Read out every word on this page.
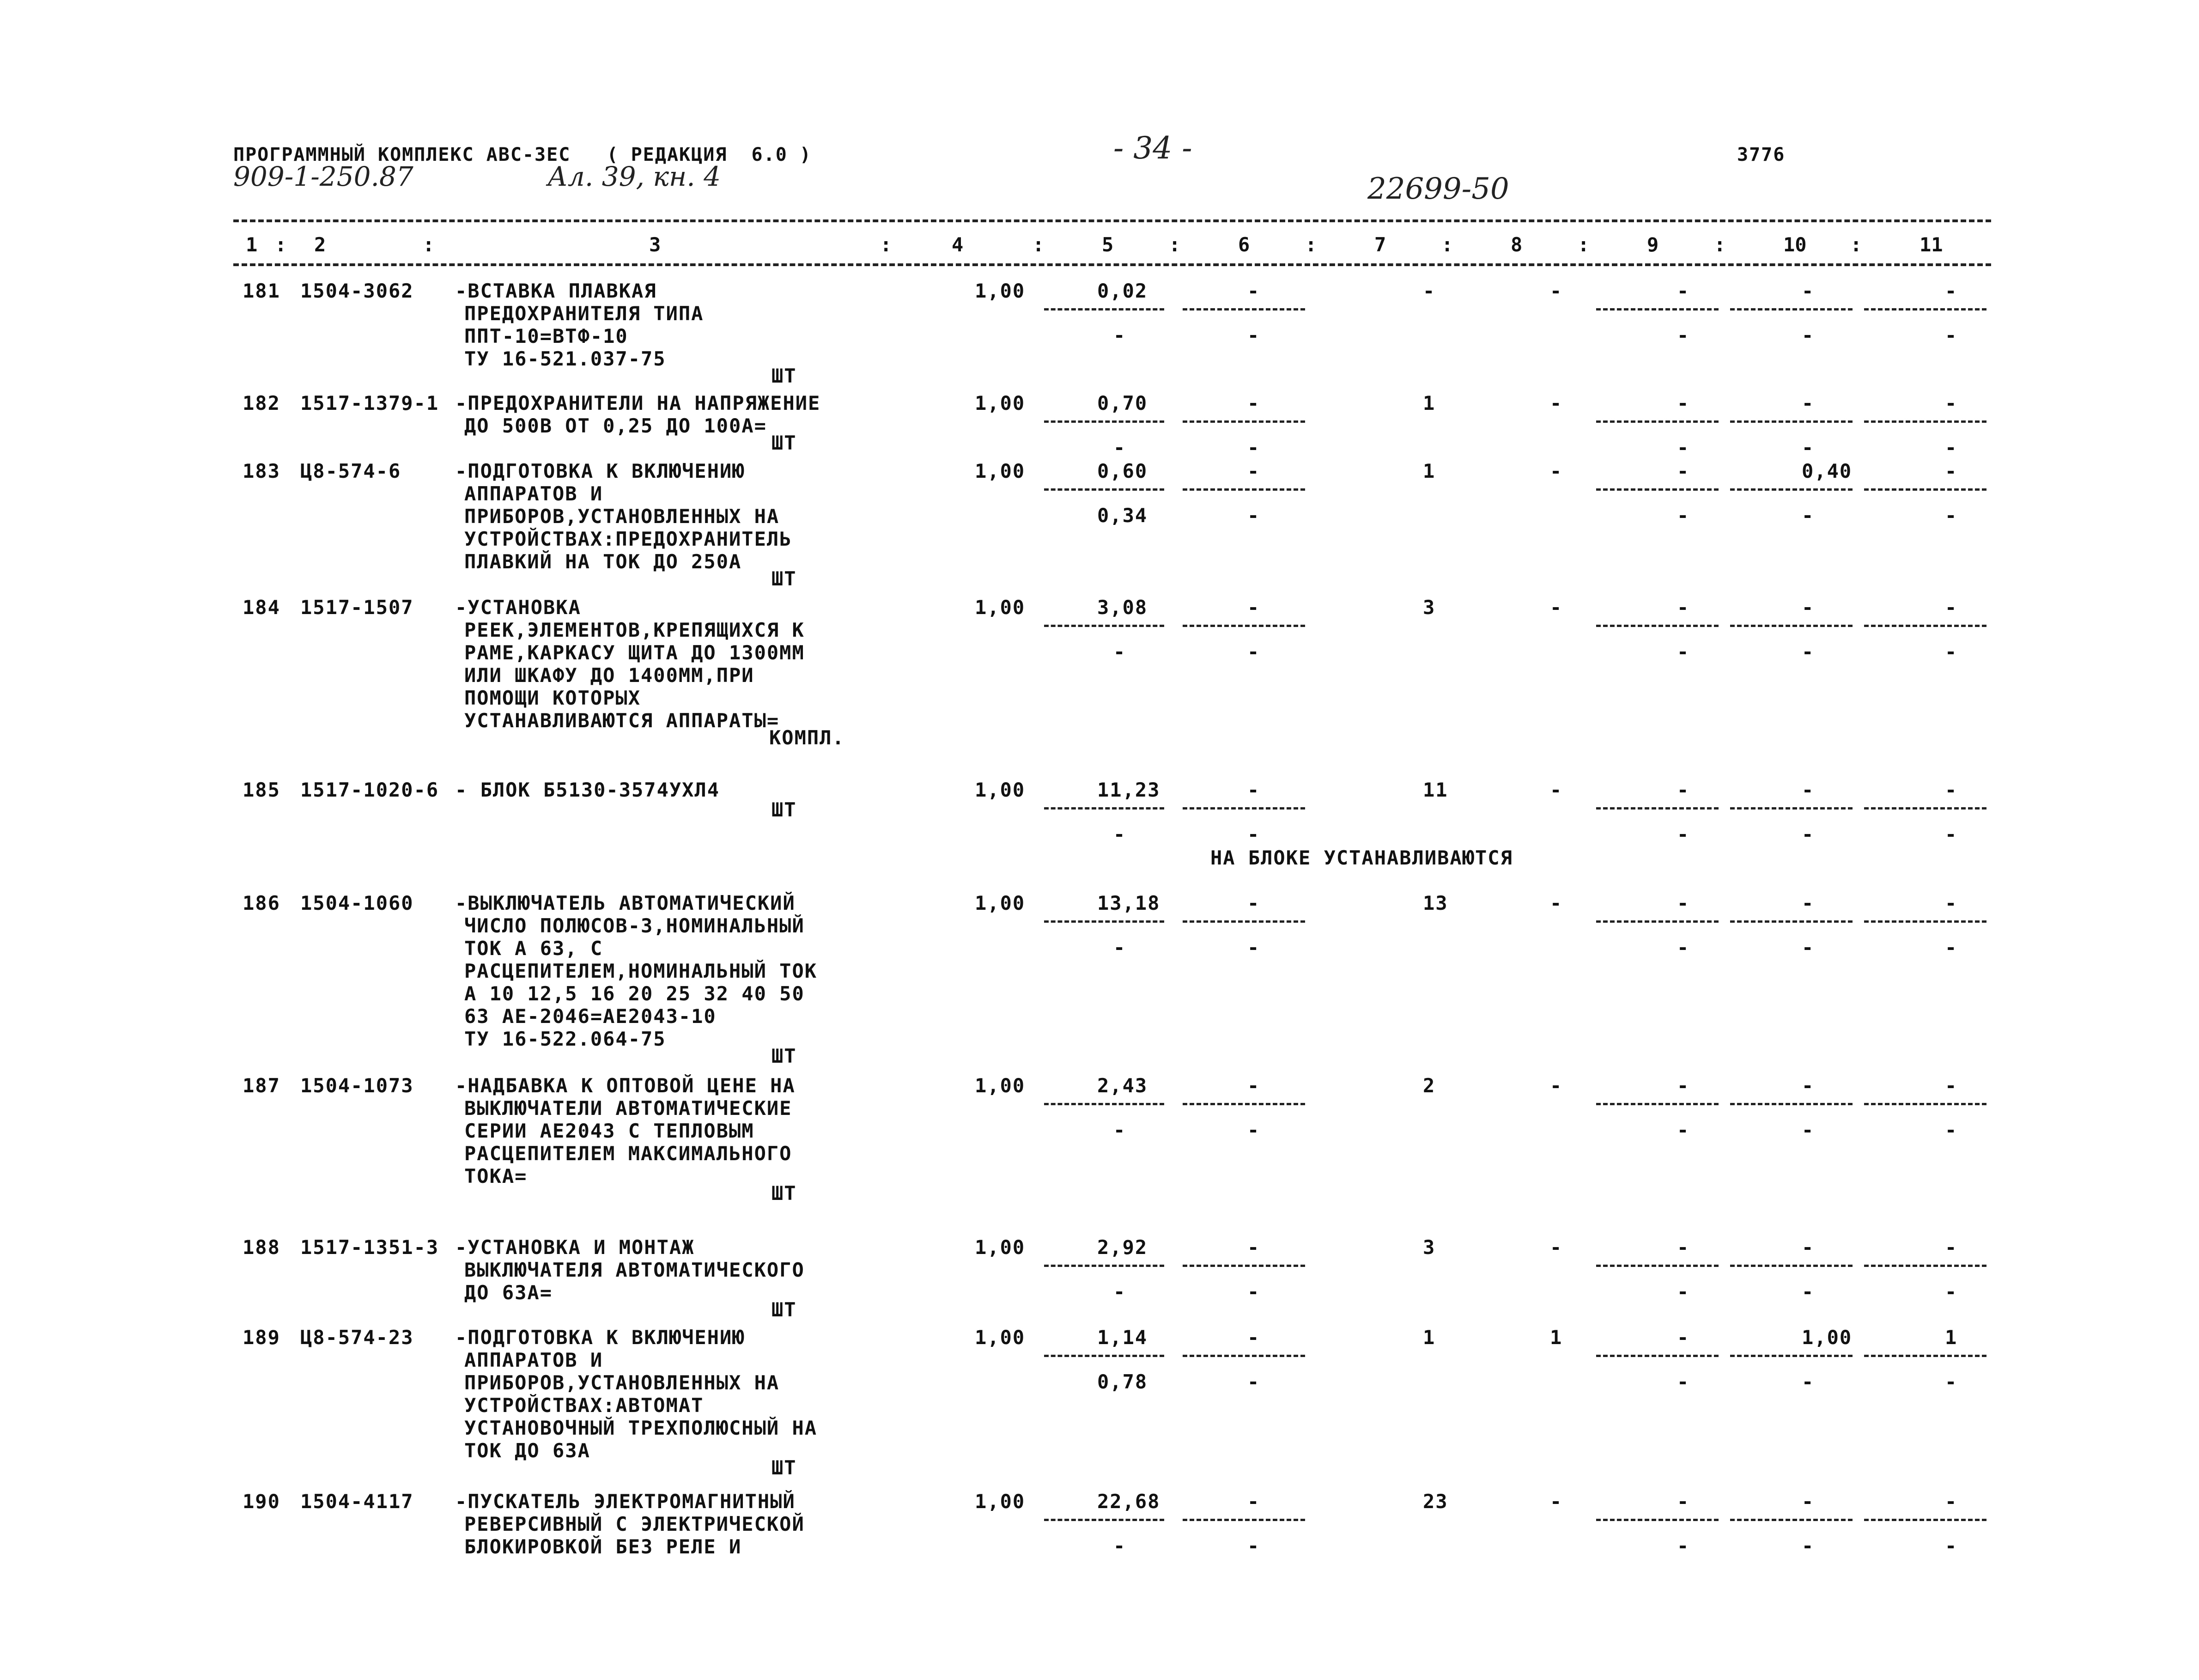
ПРОГРАММНЫЙ КОМПЛЕКС АВС-3ЕС   ( РЕДАКЦИЯ  6.0 )
909-1-250.87	Ал. 39, кн. 4
- 34 -
22699-50
3776
1	2	3	4	5	6	7	8	9	10	11
:	:	:	:	:	:	:	:	:	:
181 1504-3062 -ВСТАВКА ПЛАВКАЯ
ПРЕДОХРАНИТЕЛЯ ТИПА
ППТ-10=ВТФ-10
ТУ 16-521.037-75
ШТ
1,00	0,02	-	-	-	-	-	-
-	-	-	-	-
182 1517-1379-1 -ПРЕДОХРАНИТЕЛИ НА НАПРЯЖЕНИЕ
ДО 500В ОТ 0,25 ДО 100А=
ШТ
1,00	0,70	-	1	-	-	-	-
-	-	-	-	-
183 Ц8-574-6	-ПОДГОТОВКА К ВКЛЮЧЕНИЮ
АППАРАТОВ И
ПРИБОРОВ,УСТАНОВЛЕННЫХ НА
УСТРОЙСТВАХ:ПРЕДОХРАНИТЕЛЬ
ПЛАВКИЙ НА ТОК ДО 250А
ШТ
1,00	0,60	-	1	-	-	0,40	-
0,34	-	-	-	-
184 1517-1507 -УСТАНОВКА
РЕЕК,ЭЛЕМЕНТОВ,КРЕПЯЩИХСЯ К
РАМЕ,КАРКАСУ ЩИТА ДО 1300ММ
ИЛИ ШКАФУ ДО 1400ММ,ПРИ
ПОМОЩИ КОТОРЫХ
УСТАНАВЛИВАЮТСЯ АППАРАТЫ=
КОМПЛ.
1,00	3,08	-	3	-	-	-	-
-	-	-	-	-
185 1517-1020-6 - БЛОК Б5130-3574УХЛ4
ШТ
1,00	11,23	-	11	-	-	-	-
-	-	-	-	-
186 1504-1060 -ВЫКЛЮЧАТЕЛЬ АВТОМАТИЧЕСКИЙ
ЧИСЛО ПОЛЮСОВ-3,НОМИНАЛЬНЫЙ
ТОК А 63, С
РАСЦЕПИТЕЛЕМ,НОМИНАЛЬНЫЙ ТОК
А 10 12,5 16 20 25 32 40 50
63 АЕ-2046=АЕ2043-10
ТУ 16-522.064-75
ШТ
1,00	13,18	-	13	-	-	-	-
-	-	-	-	-
187 1504-1073 -НАДБАВКА К ОПТОВОЙ ЦЕНЕ НА
ВЫКЛЮЧАТЕЛИ АВТОМАТИЧЕСКИЕ
СЕРИИ АЕ2043 С ТЕПЛОВЫМ
РАСЦЕПИТЕЛЕМ МАКСИМАЛЬНОГО
ТОКА=
ШТ
1,00	2,43	-	2	-	-	-	-
-	-	-	-	-
188 1517-1351-3 -УСТАНОВКА И МОНТАЖ
ВЫКЛЮЧАТЕЛЯ АВТОМАТИЧЕСКОГО
ДО 63А=
ШТ
1,00	2,92	-	3	-	-	-	-
-	-	-	-	-
189 Ц8-574-23 -ПОДГОТОВКА К ВКЛЮЧЕНИЮ
АППАРАТОВ И
ПРИБОРОВ,УСТАНОВЛЕННЫХ НА
УСТРОЙСТВАХ:АВТОМАТ
УСТАНОВОЧНЫЙ ТРЕХПОЛЮСНЫЙ НА
ТОК ДО 63А
ШТ
1,00	1,14	-	1	1	-	1,00	1
0,78	-	-	-	-
190 1504-4117 -ПУСКАТЕЛЬ ЭЛЕКТРОМАГНИТНЫЙ
РЕВЕРСИВНЫЙ С ЭЛЕКТРИЧЕСКОЙ
БЛОКИРОВКОЙ БЕЗ РЕЛЕ И
1,00	22,68	-	23	-	-	-	-
-	-	-	-	-
НА БЛОКЕ УСТАНАВЛИВАЮТСЯ
